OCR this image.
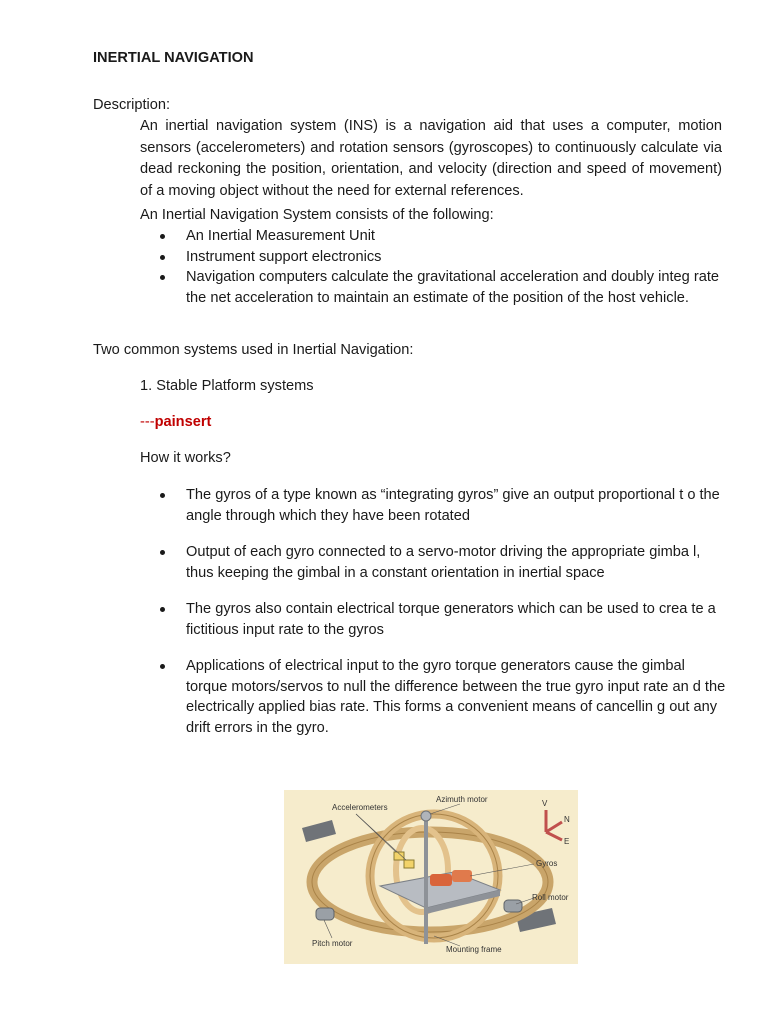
INERTIAL NAVIGATION
Description:
An inertial navigation system (INS) is a navigation aid that uses a computer, motion sensors (accelerometers) and rotation sensors (gyroscopes) to continuously calculate via dead reckoning the position, orientation, and velocity (direction and speed of movement) of a moving object without the need for external references.
An Inertial Navigation System consists of the following:
An Inertial Measurement Unit
Instrument support electronics
Navigation computers calculate the gravitational acceleration and doubly integ rate the net acceleration to maintain an estimate of the position of the host vehicle.
Two common systems used in Inertial Navigation:
1. Stable Platform systems
---painsert
How it works?
The gyros of a type known as “integrating gyros” give an output proportional t o the angle through which they have been rotated
Output of each gyro connected to a servo-motor driving the appropriate gimba l, thus keeping the gimbal in a constant orientation in inertial space
The gyros also contain electrical torque generators which can be used to crea te a fictitious input rate to the gyros
Applications of electrical input to the gyro torque generators cause the gimbal torque motors/servos to null the difference between the true gyro input rate an d the electrically applied bias rate. This forms a convenient means of cancellin g out any drift errors in the gyro.
Accelerometers
Azimuth motor
Gyros
Roll motor
Pitch motor
Mounting frame
V
N
E
